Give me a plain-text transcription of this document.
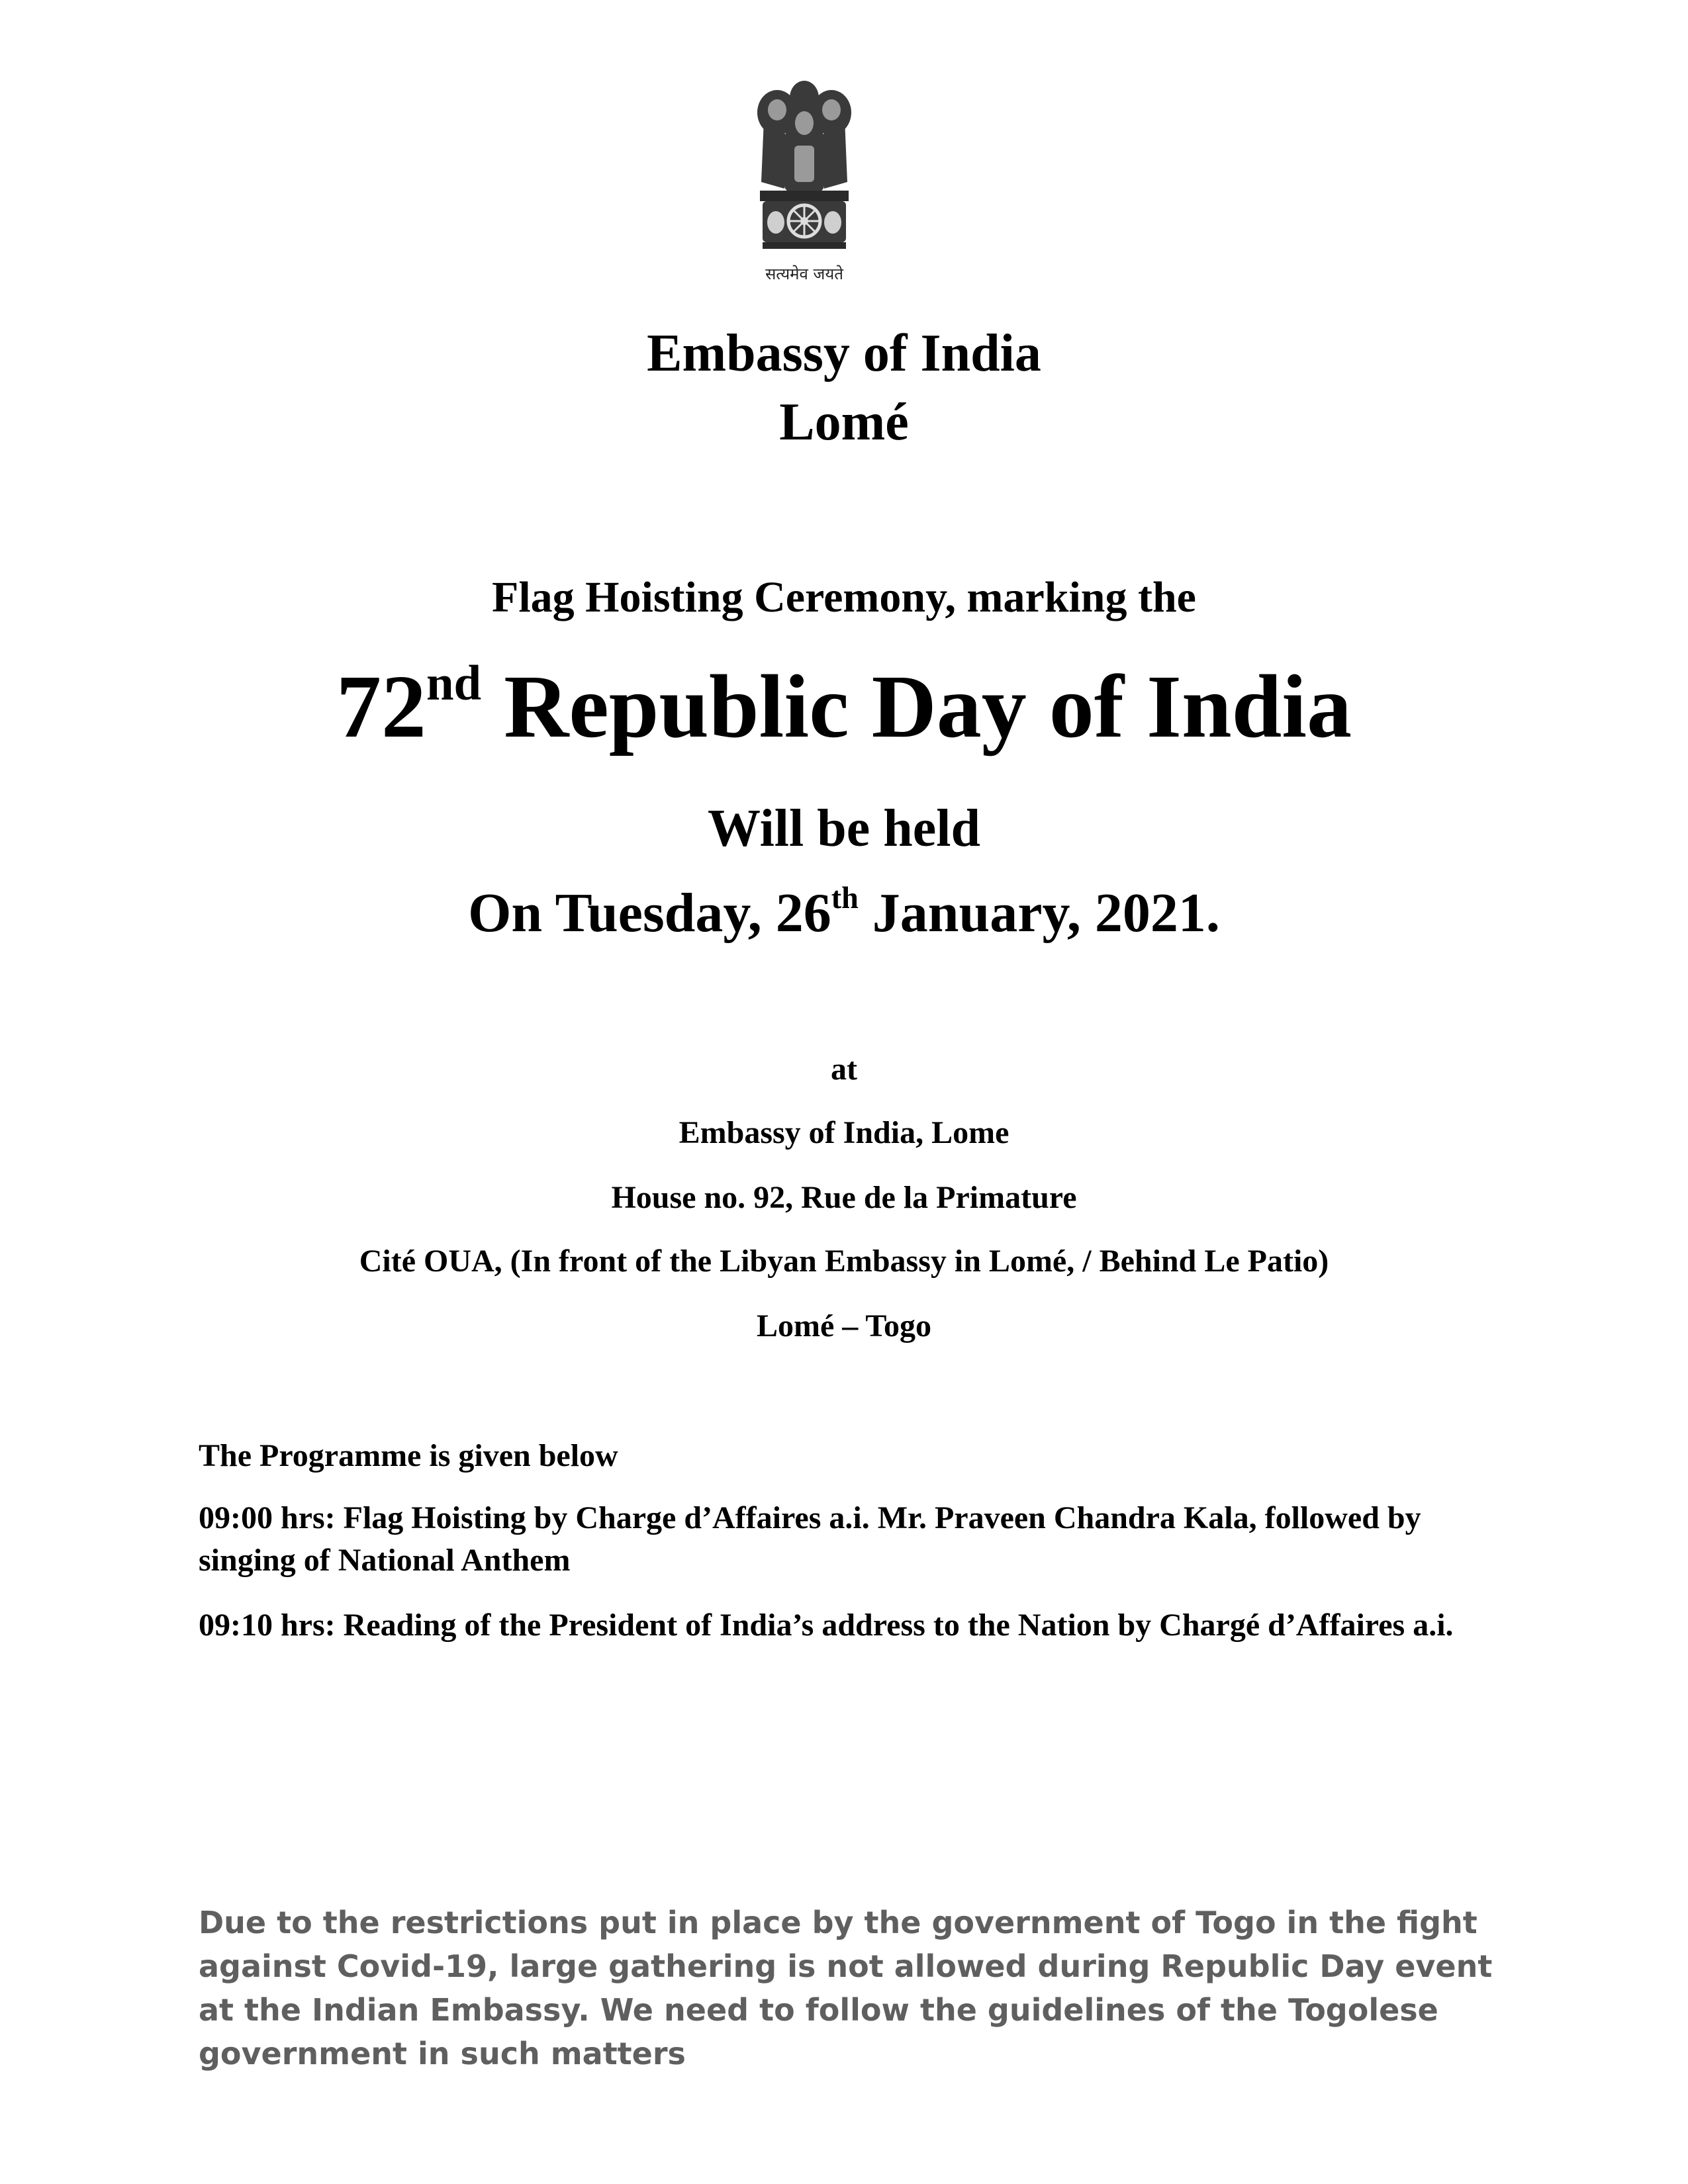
सत्यमेव जयते
Embassy of India
Lomé
Flag Hoisting Ceremony, marking the
72nd Republic Day of India
Will be held
On Tuesday, 26th January, 2021.
at
Embassy of India, Lome
House no. 92, Rue de la Primature
Cité OUA, (In front of the Libyan Embassy in Lomé, / Behind Le Patio)
Lomé – Togo
The Programme is given below
09:00 hrs: Flag Hoisting by Charge d’Affaires a.i. Mr. Praveen Chandra Kala, followed by singing of National Anthem
09:10 hrs: Reading of the President of India’s address to the Nation by Chargé d’Affaires a.i.
Due to the restrictions put in place by the government of Togo in the fight against Covid-19, large gathering is not allowed during Republic Day event at the Indian Embassy. We need to follow the guidelines of the Togolese government in such matters
